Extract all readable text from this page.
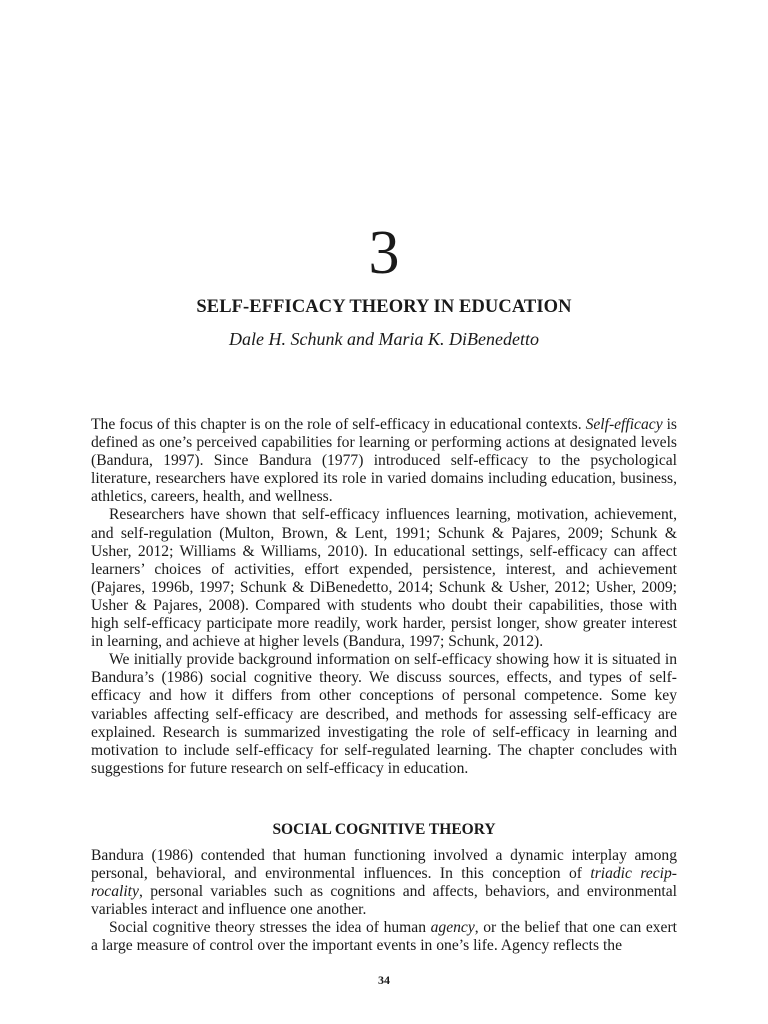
3
SELF-EFFICACY THEORY IN EDUCATION
Dale H. Schunk and Maria K. DiBenedetto

The focus of this chapter is on the role of self-efficacy in educational contexts. Self-efficacy is defined as one’s perceived capabilities for learning or performing actions at designated levels (Bandura, 1997). Since Bandura (1977) introduced self-efficacy to the psychological literature, researchers have explored its role in varied domains including education, business, athletics, careers, health, and wellness.

Researchers have shown that self-efficacy influences learning, motivation, achievement, and self-regulation (Multon, Brown, & Lent, 1991; Schunk & Pajares, 2009; Schunk & Usher, 2012; Williams & Williams, 2010). In educational settings, self-efficacy can affect learners’ choices of activities, effort expended, persistence, interest, and achievement (Pajares, 1996b, 1997; Schunk & DiBenedetto, 2014; Schunk & Usher, 2012; Usher, 2009; Usher & Pajares, 2008). Compared with students who doubt their capabilities, those with high self-efficacy participate more readily, work harder, persist longer, show greater interest in learning, and achieve at higher levels (Bandura, 1997; Schunk, 2012).

We initially provide background information on self-efficacy showing how it is situated in Bandura’s (1986) social cognitive theory. We discuss sources, effects, and types of self-efficacy and how it differs from other conceptions of personal competence. Some key variables affecting self-efficacy are described, and methods for assessing self-efficacy are explained. Research is summarized investigating the role of self-efficacy in learning and motivation to include self-efficacy for self-regulated learning. The chapter concludes with suggestions for future research on self-efficacy in education.

SOCIAL COGNITIVE THEORY

Bandura (1986) contended that human functioning involved a dynamic interplay among personal, behavioral, and environmental influences. In this conception of triadic reciprocality, personal variables such as cognitions and affects, behaviors, and environmental variables interact and influence one another.

Social cognitive theory stresses the idea of human agency, or the belief that one can exert a large measure of control over the important events in one’s life. Agency reflects the

34
